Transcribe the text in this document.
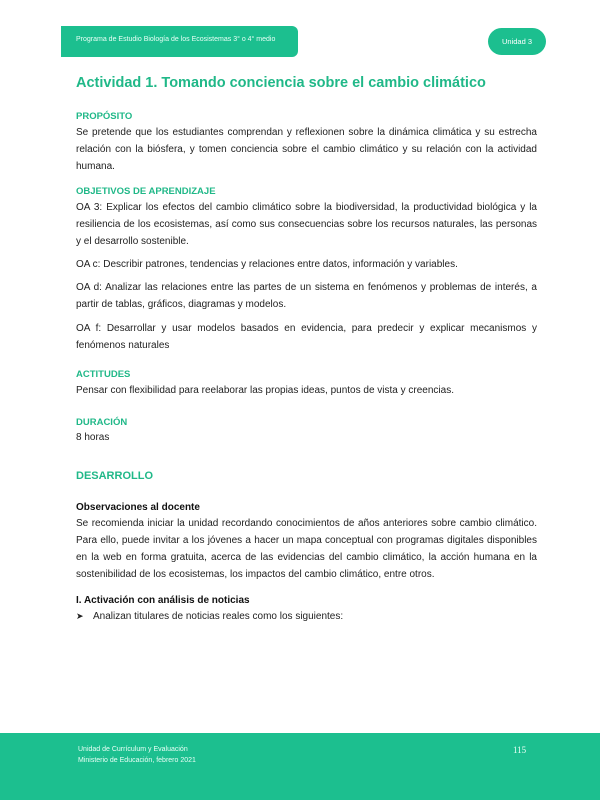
Programa de Estudio Biología de los Ecosistemas 3° o 4° medio	Unidad 3
Actividad 1. Tomando conciencia sobre el cambio climático
PROPÓSITO

Se pretende que los estudiantes comprendan y reflexionen sobre la dinámica climática y su estrecha relación con la biósfera, y tomen conciencia sobre el cambio climático y su relación con la actividad humana.

OBJETIVOS DE APRENDIZAJE

OA 3: Explicar los efectos del cambio climático sobre la biodiversidad, la productividad biológica y la resiliencia de los ecosistemas, así como sus consecuencias sobre los recursos naturales, las personas y el desarrollo sostenible.

OA c: Describir patrones, tendencias y relaciones entre datos, información y variables.

OA d: Analizar las relaciones entre las partes de un sistema en fenómenos y problemas de interés, a partir de tablas, gráficos, diagramas y modelos.

OA f: Desarrollar y usar modelos basados en evidencia, para predecir y explicar mecanismos y fenómenos naturales

ACTITUDES

Pensar con flexibilidad para reelaborar las propias ideas, puntos de vista y creencias.

DURACIÓN

8 horas

DESARROLLO
Observaciones al docente

Se recomienda iniciar la unidad recordando conocimientos de años anteriores sobre cambio climático. Para ello, puede invitar a los jóvenes a hacer un mapa conceptual con programas digitales disponibles en la web en forma gratuita, acerca de las evidencias del cambio climático, la acción humana en la sostenibilidad de los ecosistemas, los impactos del cambio climático, entre otros.

I. Activación con análisis de noticias
➤ Analizan titulares de noticias reales como los siguientes:
Unidad de Currículum y Evaluación
Ministerio de Educación, febrero 2021
115
